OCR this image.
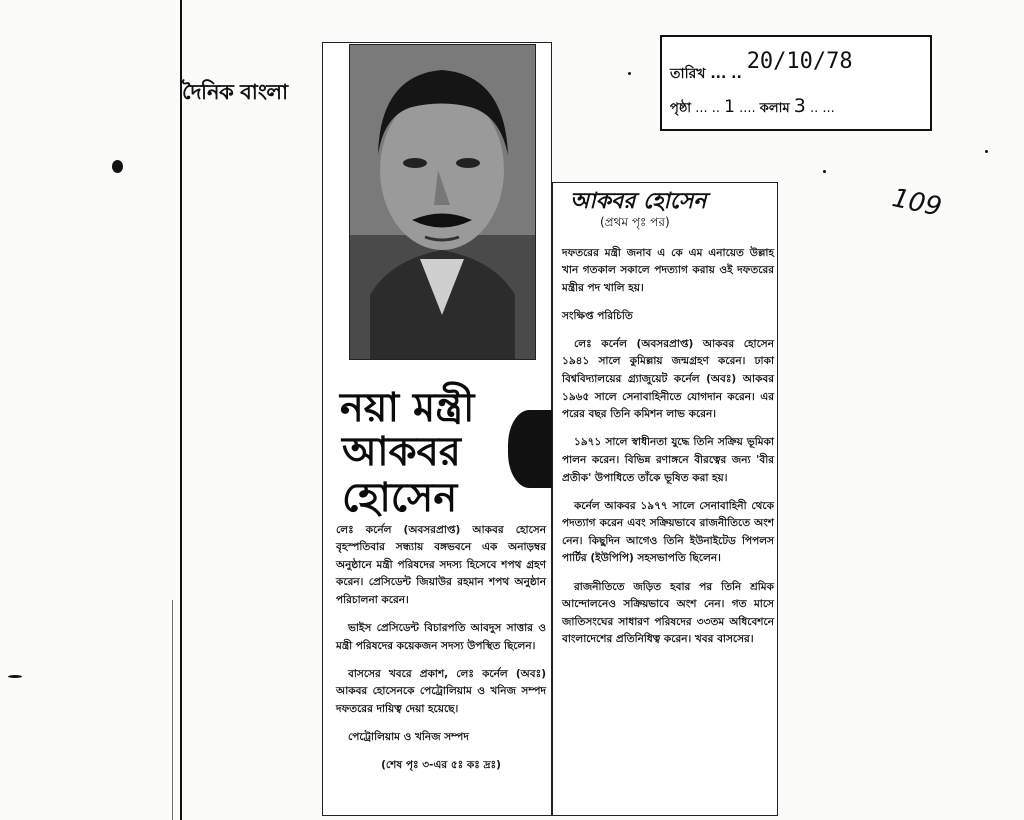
দৈনিক বাংলা
নয়া মন্ত্রী
আকবর
হোসেন

লেঃ কর্নেল (অবসরপ্রাপ্ত) আকবর হোসেন বৃহস্পতিবার সন্ধ্যায় বঙ্গভবনে এক অনাড়ম্বর অনুষ্ঠানে মন্ত্রী পরিষদের সদস্য হিসেবে শপথ গ্রহণ করেন। প্রেসিডেন্ট জিয়াউর রহমান শপথ অনুষ্ঠান পরিচালনা করেন।

ভাইস প্রেসিডেন্ট বিচারপতি আবদুস সাত্তার ও মন্ত্রী পরিষদের কয়েকজন সদস্য উপস্থিত ছিলেন।

বাসসের খবরে প্রকাশ, লেঃ কর্নেল (অবঃ) আকবর হোসেনকে পেট্রোলিয়াম ও খনিজ সম্পদ দফতরের দায়িত্ব দেয়া হয়েছে।

পেট্রোলিয়াম ও খনিজ সম্পদ

(শেষ পৃঃ ৩-এর ৫ঃ কঃ দ্রঃ)

আকবর হোসেন
(প্রথম পৃঃ পর)

দফতরের মন্ত্রী জনাব এ কে এম এনায়েত উল্লাহ খান গতকাল সকালে পদত্যাগ করায় ওই দফতরের মন্ত্রীর পদ খালি হয়।

সংক্ষিপ্ত পরিচিতি

লেঃ কর্নেল (অবসরপ্রাপ্ত) আকবর হোসেন ১৯৪১ সালে কুমিল্লায় জন্মগ্রহণ করেন। ঢাকা বিশ্ববিদ্যালয়ের গ্র্যাজুয়েট কর্নেল (অবঃ) আকবর ১৯৬৫ সালে সেনাবাহিনীতে যোগদান করেন। এর পরের বছর তিনি কমিশন লাভ করেন।

১৯৭১ সালে স্বাধীনতা যুদ্ধে তিনি সক্রিয় ভূমিকা পালন করেন। বিভিন্ন রণাঙ্গনে বীরত্বের জন্য 'বীর প্রতীক' উপাধিতে তাঁকে ভূষিত করা হয়।

কর্নেল আকবর ১৯৭৭ সালে সেনাবাহিনী থেকে পদত্যাগ করেন এবং সক্রিয়ভাবে রাজনীতিতে অংশ নেন। কিছুদিন আগেও তিনি ইউনাইটেড পিপলস পার্টির (ইউপিপি) সহসভাপতি ছিলেন।

রাজনীতিতে জড়িত হবার পর তিনি শ্রমিক আন্দোলনেও সক্রিয়ভাবে অংশ নেন। গত মাসে জাতিসংঘের সাধারণ পরিষদের ৩৩তম অধিবেশনে বাংলাদেশের প্রতিনিধিত্ব করেন। খবর বাসসের।

তারিখ ... .. 20/10/78
পৃষ্ঠা ... .. 1 .... কলাম 3 .. ...
109
